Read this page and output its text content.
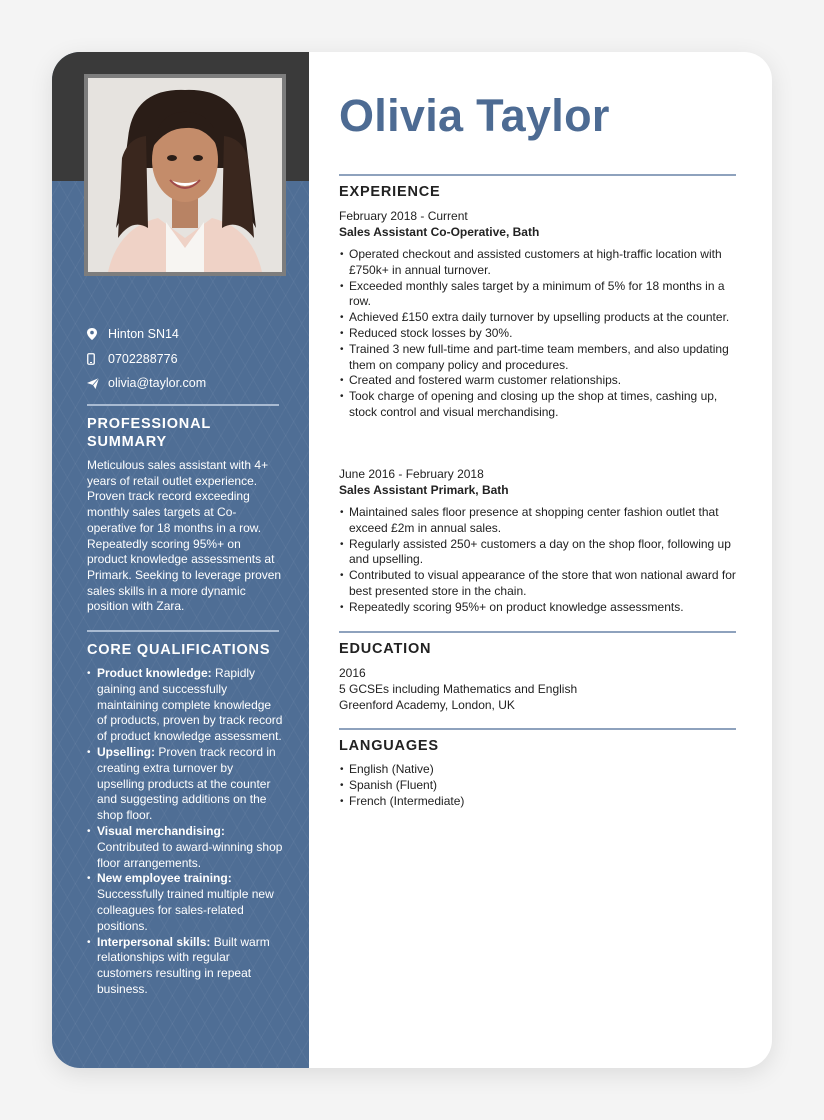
Hinton SN14
0702288776
olivia@taylor.com
PROFESSIONAL SUMMARY
Meticulous sales assistant with 4+ years of retail outlet experience. Proven track record exceeding monthly sales targets at Co-operative for 18 months in a row. Repeatedly scoring 95%+ on product knowledge assessments at Primark. Seeking to leverage proven sales skills in a more dynamic position with Zara.
CORE QUALIFICATIONS
• Product knowledge: Rapidly gaining and successfully maintaining complete knowledge of products, proven by track record of product knowledge assessment.
• Upselling: Proven track record in creating extra turnover by upselling products at the counter and suggesting additions on the shop floor.
• Visual merchandising: Contributed to award-winning shop floor arrangements.
• New employee training: Successfully trained multiple new colleagues for sales-related positions.
• Interpersonal skills: Built warm relationships with regular customers resulting in repeat business.
Olivia Taylor
EXPERIENCE
February 2018 - Current
Sales Assistant Co-Operative, Bath
• Operated checkout and assisted customers at high-traffic location with £750k+ in annual turnover.
• Exceeded monthly sales target by a minimum of 5% for 18 months in a row.
• Achieved £150 extra daily turnover by upselling products at the counter.
• Reduced stock losses by 30%.
• Trained 3 new full-time and part-time team members, and also updating them on company policy and procedures.
• Created and fostered warm customer relationships.
• Took charge of opening and closing up the shop at times, cashing up, stock control and visual merchandising.
June 2016 - February 2018
Sales Assistant Primark, Bath
• Maintained sales floor presence at shopping center fashion outlet that exceed £2m in annual sales.
• Regularly assisted 250+ customers a day on the shop floor, following up and upselling.
• Contributed to visual appearance of the store that won national award for best presented store in the chain.
• Repeatedly scoring 95%+ on product knowledge assessments.
EDUCATION
2016
5 GCSEs including Mathematics and English
Greenford Academy, London, UK
LANGUAGES
• English (Native)
• Spanish (Fluent)
• French (Intermediate)
